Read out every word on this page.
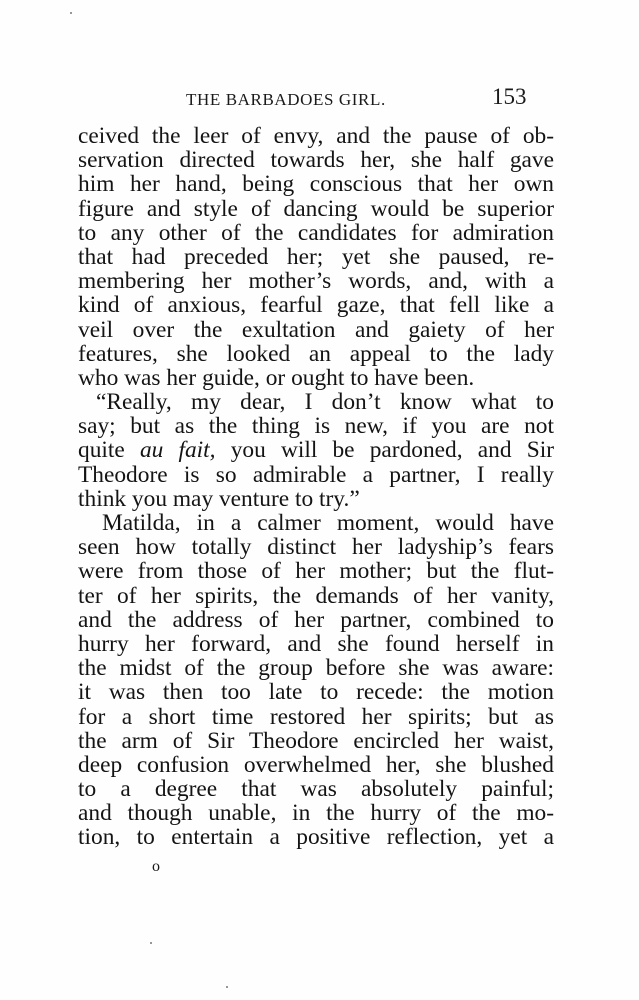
THE BARBADOES GIRL.	153
ceived the leer of envy, and the pause of ob-
servation directed towards her, she half gave
him her hand, being conscious that her own
figure and style of dancing would be superior
to any other of the candidates for admiration
that had preceded her; yet she paused, re-
membering her mother’s words, and, with a
kind of anxious, fearful gaze, that fell like a
veil over the exultation and gaiety of her
features, she looked an appeal to the lady
who was her guide, or ought to have been.
“Really, my dear, I don’t know what to
say; but as the thing is new, if you are not
quite au fait, you will be pardoned, and Sir
Theodore is so admirable a partner, I really
think you may venture to try.”
Matilda, in a calmer moment, would have
seen how totally distinct her ladyship’s fears
were from those of her mother; but the flut-
ter of her spirits, the demands of her vanity,
and the address of her partner, combined to
hurry her forward, and she found herself in
the midst of the group before she was aware:
it was then too late to recede: the motion
for a short time restored her spirits; but as
the arm of Sir Theodore encircled her waist,
deep confusion overwhelmed her, she blushed
to a degree that was absolutely painful;
and though unable, in the hurry of the mo-
tion, to entertain a positive reflection, yet a
o
